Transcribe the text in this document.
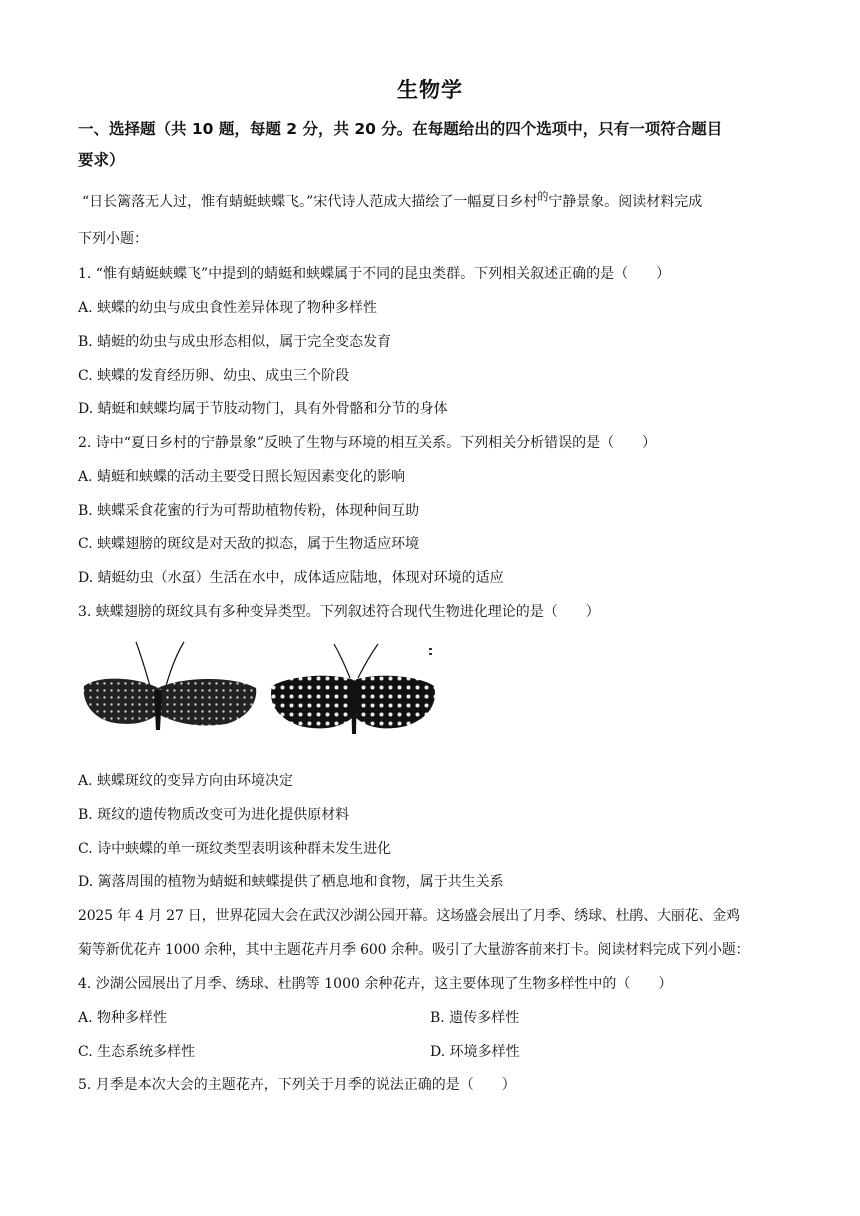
生物学
一、选择题（共 10 题，每题 2 分，共 20 分。在每题给出的四个选项中，只有一项符合题目
要求）
“日长篱落无人过，惟有蜻蜓蛱蝶飞。”宋代诗人范成大描绘了一幅夏日乡村$^的$宁静景象。阅读材料完成
下列小题：
1. “惟有蜻蜓蛱蝶飞”中提到的蜻蜓和蛱蝶属于不同的昆虫类群。下列相关叙述正确的是（　　）
A. 蛱蝶的幼虫与成虫食性差异体现了物种多样性
B. 蜻蜓的幼虫与成虫形态相似，属于完全变态发育
C. 蛱蝶的发育经历卵、幼虫、成虫三个阶段
D. 蜻蜓和蛱蝶均属于节肢动物门，具有外骨骼和分节的身体
2. 诗中“夏日乡村的宁静景象”反映了生物与环境的相互关系。下列相关分析错误的是（　　）
A. 蜻蜓和蛱蝶的活动主要受日照长短因素变化的影响
B. 蛱蝶采食花蜜的行为可帮助植物传粉，体现种间互助
C. 蛱蝶翅膀的斑纹是对天敌的拟态，属于生物适应环境
D. 蜻蜓幼虫（水虿）生活在水中，成体适应陆地，体现对环境的适应
3. 蛱蝶翅膀的斑纹具有多种变异类型。下列叙述符合现代生物进化理论的是（　　）
A. 蛱蝶斑纹的变异方向由环境决定
B. 斑纹的遗传物质改变可为进化提供原材料
C. 诗中蛱蝶的单一斑纹类型表明该种群未发生进化
D. 篱落周围的植物为蜻蜓和蛱蝶提供了栖息地和食物，属于共生关系
2025 年 4 月 27 日，世界花园大会在武汉沙湖公园开幕。这场盛会展出了月季、绣球、杜鹃、大丽花、金鸡
菊等新优花卉 1000 余种，其中主题花卉月季 600 余种。吸引了大量游客前来打卡。阅读材料完成下列小题：
4. 沙湖公园展出了月季、绣球、杜鹃等 1000 余种花卉，这主要体现了生物多样性中的（　　）
A. 物种多样性	B. 遗传多样性
C. 生态系统多样性	D. 环境多样性
5. 月季是本次大会的主题花卉，下列关于月季的说法正确的是（　　）
